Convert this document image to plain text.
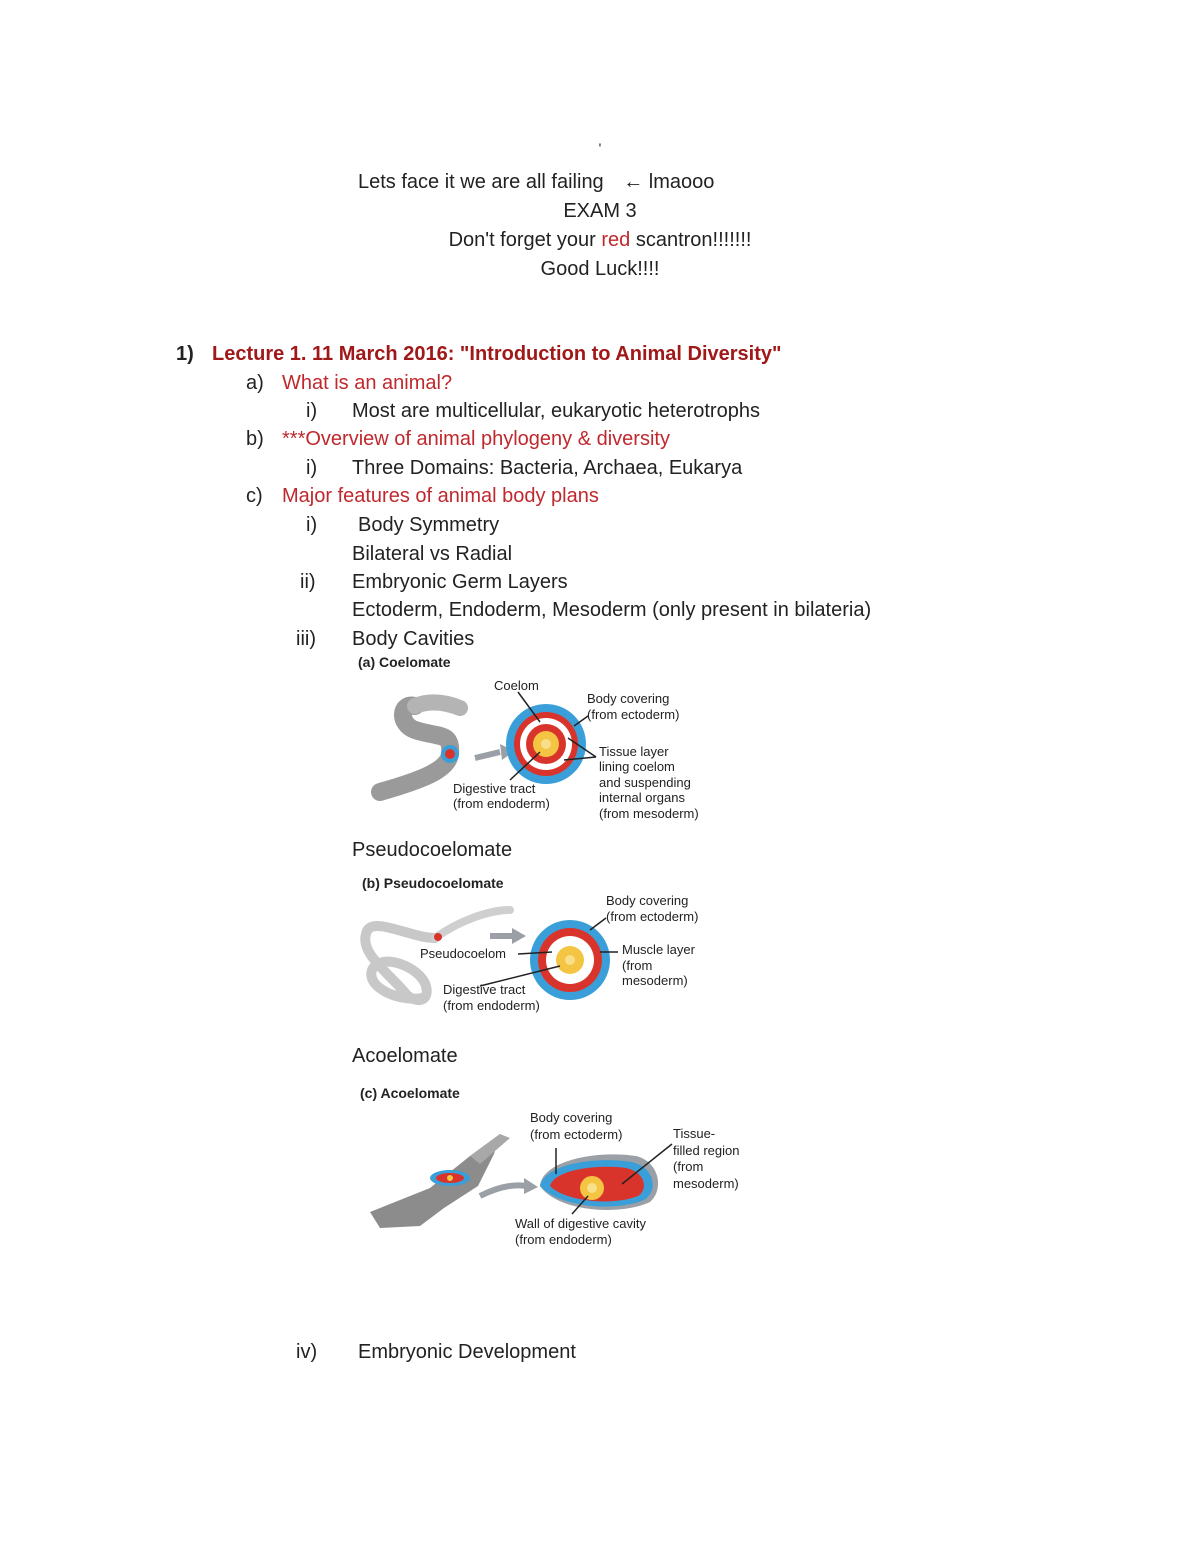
'
Lets face it we are all failing ← lmaooo
EXAM 3
Don't forget your red scantron!!!!!!!
Good Luck!!!!
1) Lecture 1. 11 March 2016: "Introduction to Animal Diversity"
a) What is an animal?
i) Most are multicellular, eukaryotic heterotrophs
b) ***Overview of animal phylogeny & diversity
i) Three Domains: Bacteria, Archaea, Eukarya
c) Major features of animal body plans
i) Body Symmetry
Bilateral vs Radial
ii) Embryonic Germ Layers
Ectoderm, Endoderm, Mesoderm (only present in bilateria)
iii) Body Cavities
(a) Coelomate
Coelom
Body covering
(from ectoderm)
Tissue layer
lining coelom
and suspending
internal organs
(from mesoderm)
Digestive tract
(from endoderm)
Pseudocoelomate
(b) Pseudocoelomate
Body covering
(from ectoderm)
Muscle layer
(from
mesoderm)
Pseudocoelom
Digestive tract
(from endoderm)
Acoelomate
(c) Acoelomate
Body covering
(from ectoderm)	Tissue-
filled region
(from
mesoderm)
Wall of digestive cavity
(from endoderm)
iv) Embryonic Development
